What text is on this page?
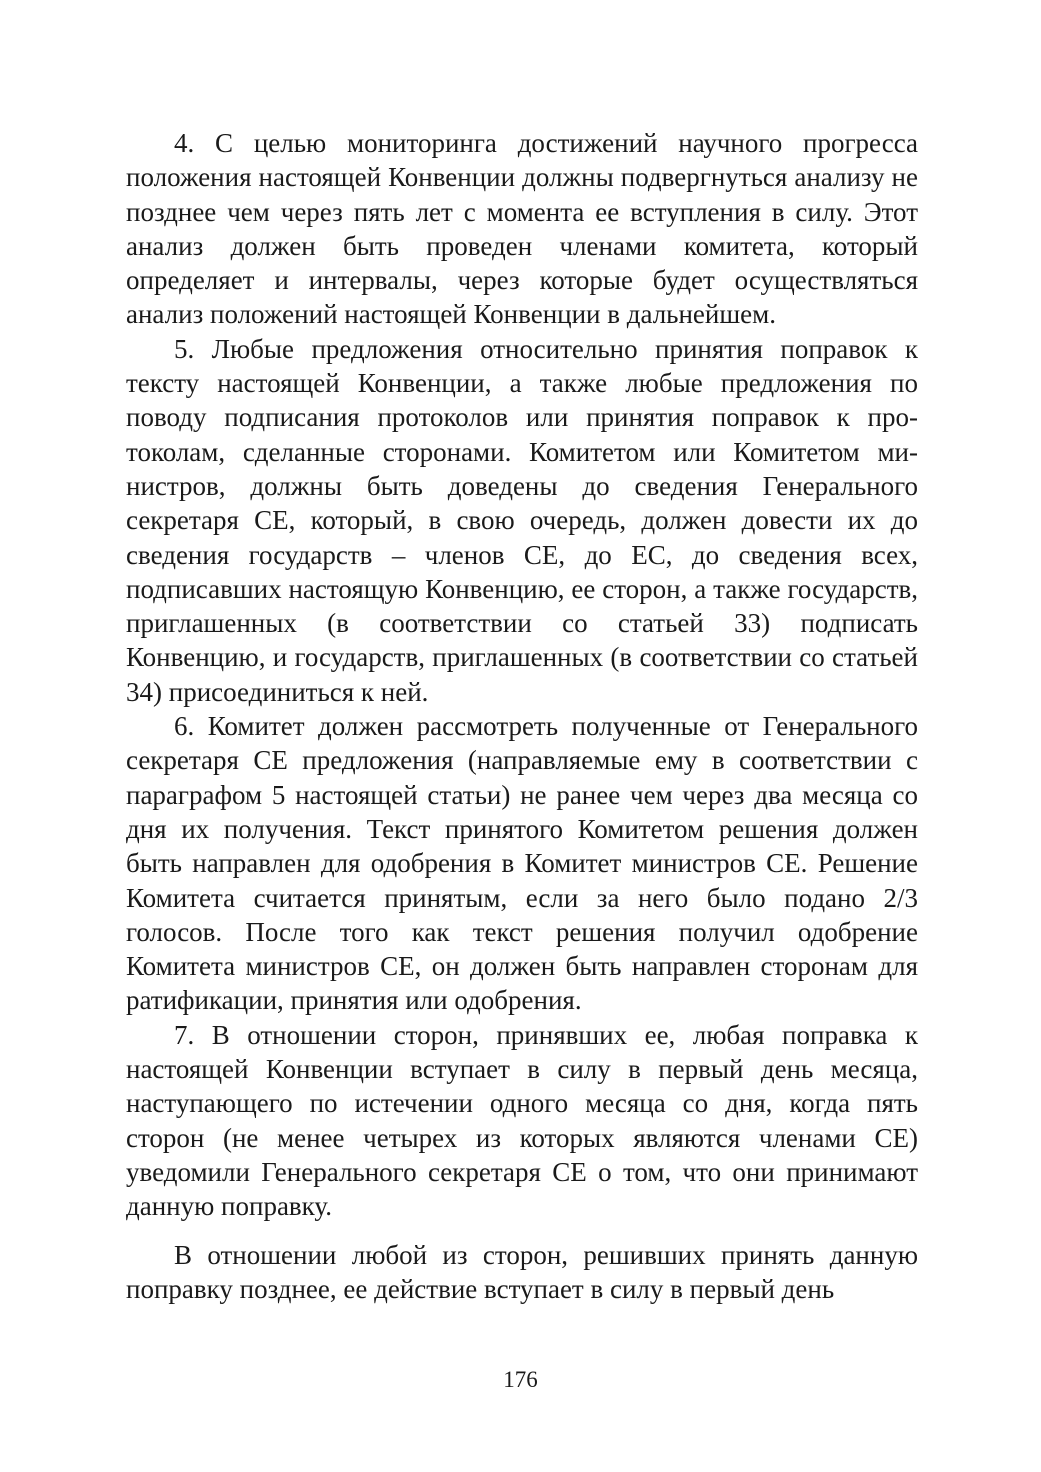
4. С целью мониторинга достижений научного прогресса положения настоящей Конвенции должны подвергнуться анализу не позднее чем через пять лет с момента ее вступления в силу. Этот анализ должен быть проведен членами комитета, который определяет и интервалы, через которые будет осуществляться анализ положений настоящей Конвенции в дальнейшем.

5. Любые предложения относительно принятия поправок к тексту настоящей Конвенции, а также любые предложения по поводу подписания протоколов или принятия поправок к протоколам, сделанные сторонами. Комитетом или Комитетом министров, должны быть доведены до сведения Генерального секретаря СЕ, который, в свою очередь, должен довести их до сведения государств – членов СЕ, до ЕС, до сведения всех, подписавших настоящую Конвенцию, ее сторон, а также государств, приглашенных (в соответствии со статьей 33) подписать Конвенцию, и государств, приглашенных (в соответствии со статьей 34) присоединиться к ней.

6. Комитет должен рассмотреть полученные от Генерального секретаря СЕ предложения (направляемые ему в соответствии с параграфом 5 настоящей статьи) не ранее чем через два месяца со дня их получения. Текст принятого Комитетом решения должен быть направлен для одобрения в Комитет министров СЕ. Решение Комитета считается принятым, если за него было подано 2/3 голосов. После того как текст решения получил одобрение Комитета министров СЕ, он должен быть направлен сторонам для ратификации, принятия или одобрения.

7. В отношении сторон, принявших ее, любая поправка к настоящей Конвенции вступает в силу в первый день месяца, наступающего по истечении одного месяца со дня, когда пять сторон (не менее четырех из которых являются членами СЕ) уведомили Генерального секретаря СЕ о том, что они принимают данную поправку.

В отношении любой из сторон, решивших принять данную поправку позднее, ее действие вступает в силу в первый день

176
